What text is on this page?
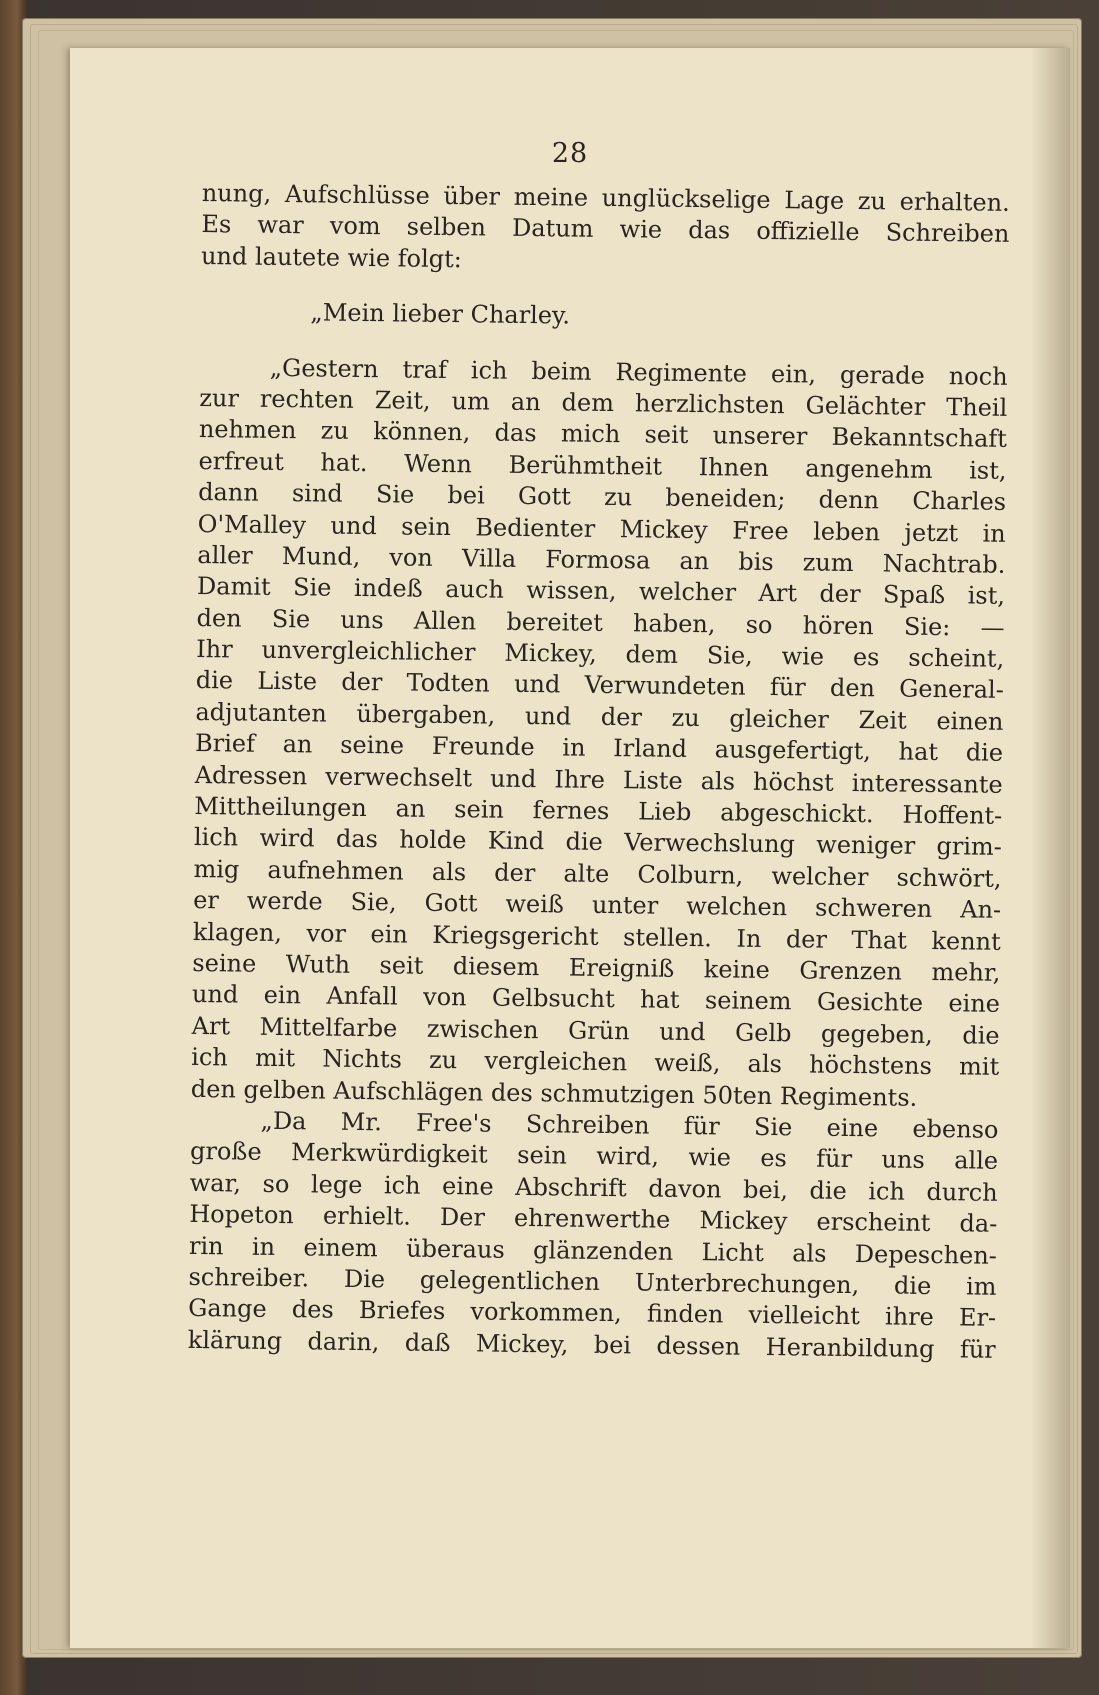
28
nung, Aufschlüsse über meine unglückselige Lage zu erhalten.
Es war vom selben Datum wie das offizielle Schreiben
und lautete wie folgt:
„Mein lieber Charley.
„Gestern traf ich beim Regimente ein, gerade noch
zur rechten Zeit, um an dem herzlichsten Gelächter Theil
nehmen zu können, das mich seit unserer Bekanntschaft
erfreut hat. Wenn Berühmtheit Ihnen angenehm ist,
dann sind Sie bei Gott zu beneiden; denn Charles
O'Malley und sein Bedienter Mickey Free leben jetzt in
aller Mund, von Villa Formosa an bis zum Nachtrab.
Damit Sie indeß auch wissen, welcher Art der Spaß ist,
den Sie uns Allen bereitet haben, so hören Sie: —
Ihr unvergleichlicher Mickey, dem Sie, wie es scheint,
die Liste der Todten und Verwundeten für den General-
adjutanten übergaben, und der zu gleicher Zeit einen
Brief an seine Freunde in Irland ausgefertigt, hat die
Adressen verwechselt und Ihre Liste als höchst interessante
Mittheilungen an sein fernes Lieb abgeschickt. Hoffent-
lich wird das holde Kind die Verwechslung weniger grim-
mig aufnehmen als der alte Colburn, welcher schwört,
er werde Sie, Gott weiß unter welchen schweren An-
klagen, vor ein Kriegsgericht stellen. In der That kennt
seine Wuth seit diesem Ereigniß keine Grenzen mehr,
und ein Anfall von Gelbsucht hat seinem Gesichte eine
Art Mittelfarbe zwischen Grün und Gelb gegeben, die
ich mit Nichts zu vergleichen weiß, als höchstens mit
den gelben Aufschlägen des schmutzigen 50ten Regiments.
„Da Mr. Free's Schreiben für Sie eine ebenso
große Merkwürdigkeit sein wird, wie es für uns alle
war, so lege ich eine Abschrift davon bei, die ich durch
Hopeton erhielt. Der ehrenwerthe Mickey erscheint da-
rin in einem überaus glänzenden Licht als Depeschen-
schreiber. Die gelegentlichen Unterbrechungen, die im
Gange des Briefes vorkommen, finden vielleicht ihre Er-
klärung darin, daß Mickey, bei dessen Heranbildung für
